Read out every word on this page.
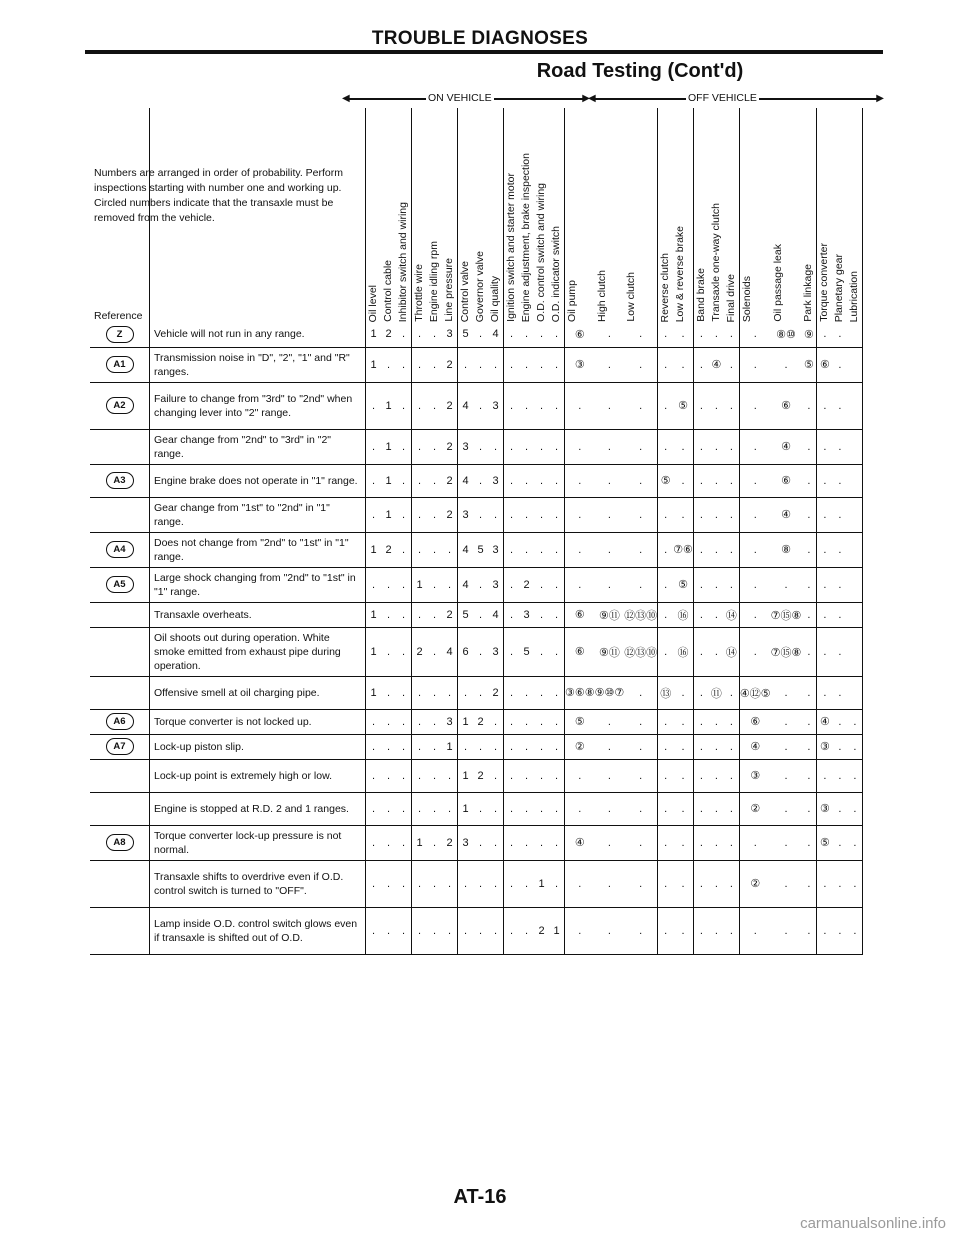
TROUBLE DIAGNOSES
Road Testing (Cont'd)
◀	▶
ON VEHICLE	◀	▶
OFF VEHICLE
Numbers are arranged in order of probability. Perform inspections starting with number one and working up. Circled numbers indicate that the transaxle must be removed from the vehicle.
Reference		Oil level	Control cable	Inhibitor switch and wiring	Throttle wire	Engine idling rpm	Line pressure	Control valve	Governor valve	Oil quality	Ignition switch and starter motor	Engine adjustment, brake inspection	O.D. control switch and wiring	O.D. indicator switch	Oil pump	High clutch	Low clutch	Reverse clutch	Low & reverse brake	Band brake	Transaxle one-way clutch	Final drive	Solenoids	Oil passage leak	Park linkage	Torque converter	Planetary gear	Lubrication

Z	Vehicle will not run in any range.	1	2	.	.	.	3	5	.	4	.	.	.	.	⑥	.	.	.	.	.	.	.	.	⑧⑩	⑨	.	.	
A1	Transmission noise in "D", "2", "1" and "R" ranges.	1	.	.	.	.	2	.	.	.	.	.	.	.	③	.	.	.	.	.	④	.	.	.	⑤	⑥	.	
A2	Failure to change from "3rd" to "2nd" when changing lever into "2" range.	.	1	.	.	.	2	4	.	3	.	.	.	.	.	.	.	.	⑤	.	.	.	.	⑥	.	.	.	
	Gear change from "2nd" to "3rd" in "2" range.	.	1	.	.	.	2	3	.	.	.	.	.	.	.	.	.	.	.	.	.	.	.	④	.	.	.	
A3	Engine brake does not operate in "1" range.	.	1	.	.	.	2	4	.	3	.	.	.	.	.	.	.	⑤	.	.	.	.	.	⑥	.	.	.	
	Gear change from "1st" to "2nd" in "1" range.	.	1	.	.	.	2	3	.	.	.	.	.	.	.	.	.	.	.	.	.	.	.	④	.	.	.	
A4	Does not change from "2nd" to "1st" in "1" range.	1	2	.	.	.	.	4	5	3	.	.	.	.	.	.	.	.	⑦⑥	.	.	.	.	⑧	.	.	.	
A5	Large shock changing from "2nd" to "1st" in "1" range.	.	.	.	1	.	.	4	.	3	.	2	.	.	.	.	.	.	⑤	.	.	.	.	.	.	.	.	
	Transaxle overheats.	1	.	.	.	.	2	5	.	4	.	3	.	.	⑥	⑨⑪	⑫⑬⑩	.	⑯	.	.	⑭	.	⑦⑮⑧	.	.	.	
	Oil shoots out during operation. White smoke emitted from exhaust pipe during operation.	1	.	.	2	.	4	6	.	3	.	5	.	.	⑥	⑨⑪	⑫⑬⑩	.	⑯	.	.	⑭	.	⑦⑮⑧	.	.	.	
	Offensive smell at oil charging pipe.	1	.	.	.	.	.	.	.	2	.	.	.	.	③⑥⑧	⑨⑩⑦	.	⑬	.	.	⑪	.	④⑫⑤	.	.	.	.	
A6	Torque converter is not locked up.	.	.	.	.	.	3	1	2	.	.	.	.	.	⑤	.	.	.	.	.	.	.	⑥	.	.	④	.	.
A7	Lock-up piston slip.	.	.	.	.	.	1	.	.	.	.	.	.	.	②	.	.	.	.	.	.	.	④	.	.	③	.	.
	Lock-up point is extremely high or low.	.	.	.	.	.	.	1	2	.	.	.	.	.	.	.	.	.	.	.	.	.	③	.	.	.	.	.
	Engine is stopped at R.D. 2 and 1 ranges.	.	.	.	.	.	.	1	.	.	.	.	.	.	.	.	.	.	.	.	.	.	②	.	.	③	.	.
A8	Torque converter lock-up pressure is not normal.	.	.	.	1	.	2	3	.	.	.	.	.	.	④	.	.	.	.	.	.	.	.	.	.	⑤	.	.
	Transaxle shifts to overdrive even if O.D. control switch is turned to "OFF".	.	.	.	.	.	.	.	.	.	.	.	1	.	.	.	.	.	.	.	.	.	②	.	.	.	.	.
	Lamp inside O.D. control switch glows even if transaxle is shifted out of O.D.	.	.	.	.	.	.	.	.	.	.	.	2	1	.	.	.	.	.	.	.	.	.	.	.	.	.	.
AT-16
carmanualsonline.info
